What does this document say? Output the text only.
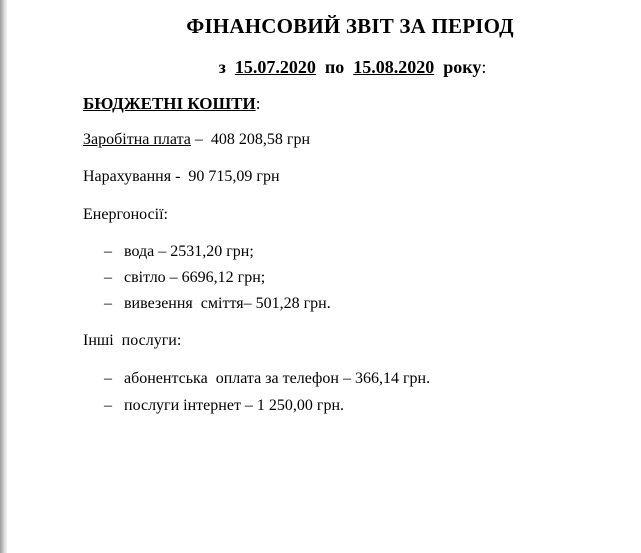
ФІНАНСОВИЙ ЗВІТ ЗА ПЕРІОД
з 15.07.2020 по 15.08.2020 року:
БЮДЖЕТНІ КОШТИ:
Заробітна плата –  408 208,58 грн
Нарахування -  90 715,09 грн
Енергоносії:
– вода – 2531,20 грн;
– світло – 6696,12 грн;
– вивезення  сміття– 501,28 грн.
Інші  послуги:
– абонентська  оплата за телефон – 366,14 грн.
– послуги інтернет – 1 250,00 грн.
